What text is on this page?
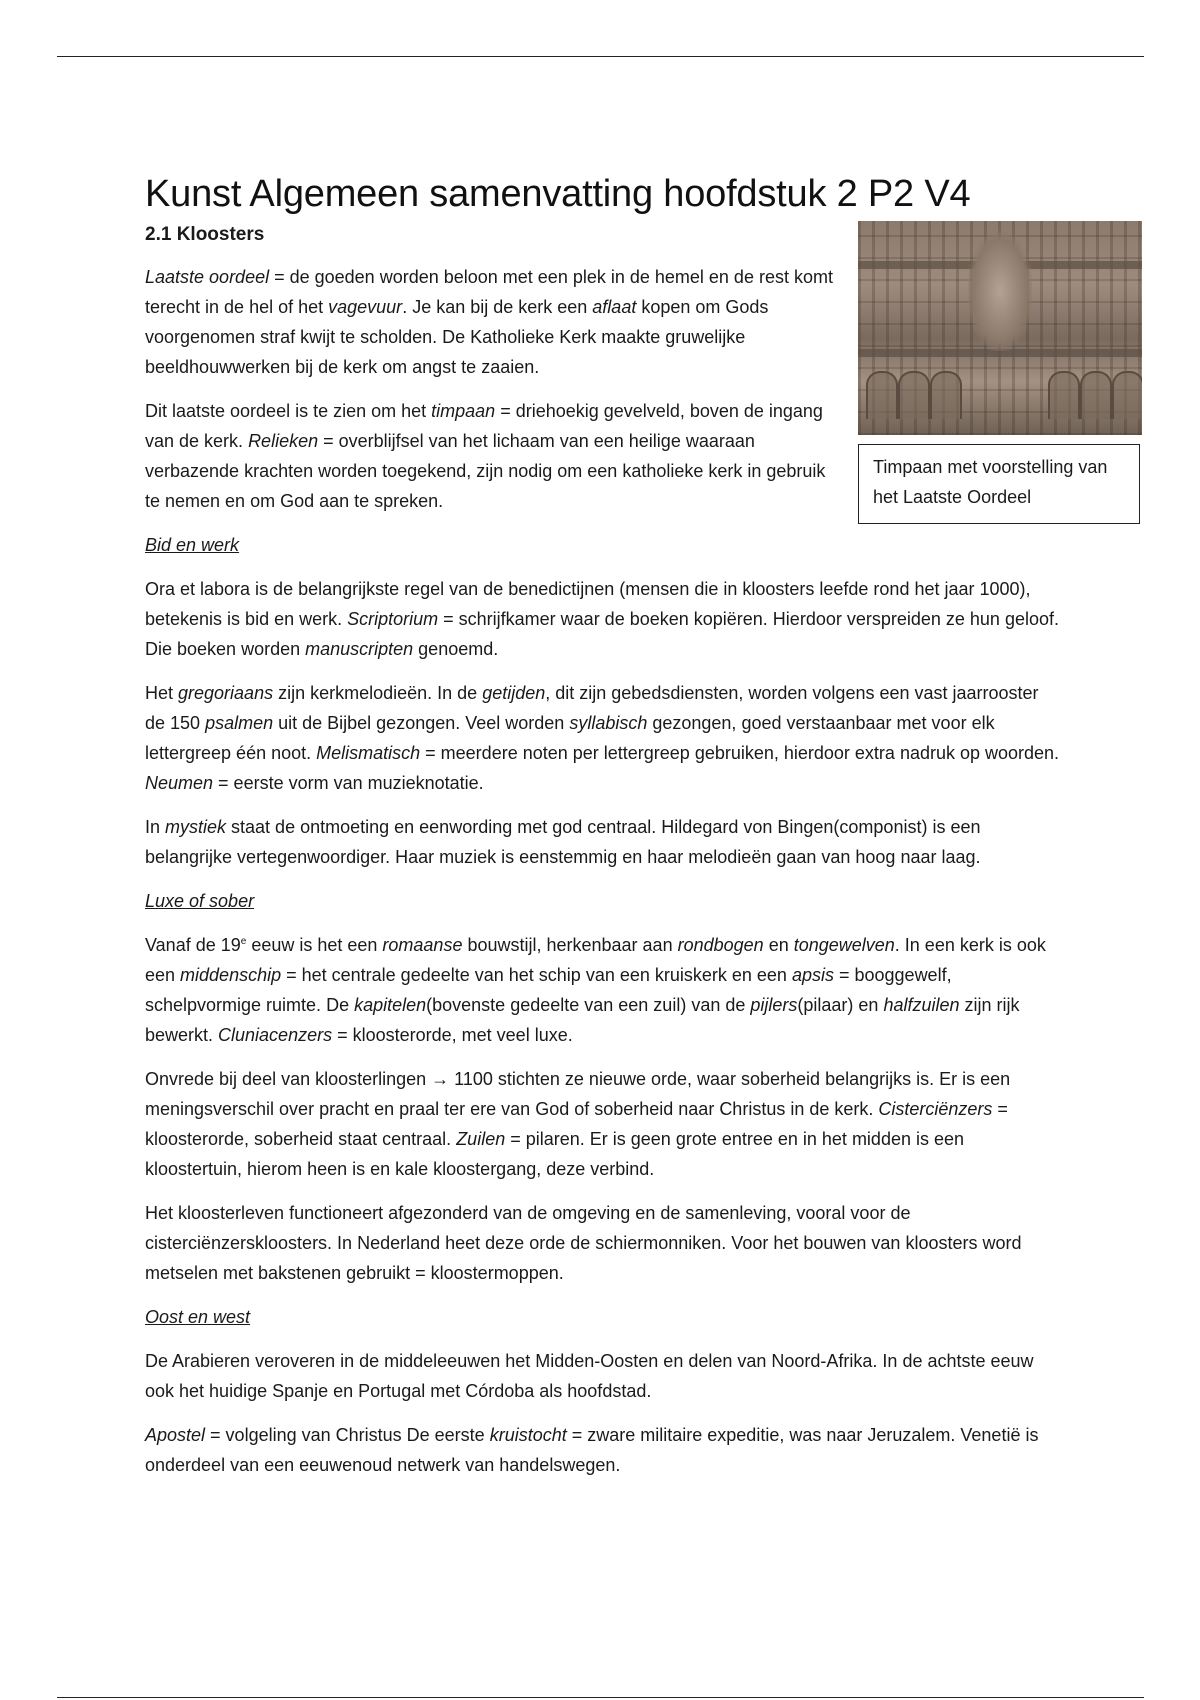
Kunst Algemeen samenvatting hoofdstuk 2 P2 V4
Timpaan met voorstelling van het Laatste Oordeel
2.1 Kloosters

Laatste oordeel = de goeden worden beloon met een plek in de hemel en de rest komt terecht in de hel of het vagevuur. Je kan bij de kerk een aflaat kopen om Gods voorgenomen straf kwijt te scholden. De Katholieke Kerk maakte gruwelijke beeldhouwwerken bij de kerk om angst te zaaien.

Dit laatste oordeel is te zien om het timpaan = driehoekig gevelveld, boven de ingang van de kerk. Relieken = overblijfsel van het lichaam van een heilige waaraan verbazende krachten worden toegekend, zijn nodig om een katholieke kerk in gebruik te nemen en om God aan te spreken.

Bid en werk

Ora et labora is de belangrijkste regel van de benedictijnen (mensen die in kloosters leefde rond het jaar 1000), betekenis is bid en werk. Scriptorium = schrijfkamer waar de boeken kopiëren. Hierdoor verspreiden ze hun geloof. Die boeken worden manuscripten genoemd.

Het gregoriaans zijn kerkmelodieën. In de getijden, dit zijn gebedsdiensten, worden volgens een vast jaarrooster de 150 psalmen uit de Bijbel gezongen. Veel worden syllabisch gezongen, goed verstaanbaar met voor elk lettergreep één noot. Melismatisch = meerdere noten per lettergreep gebruiken, hierdoor extra nadruk op woorden. Neumen = eerste vorm van muzieknotatie.

In mystiek staat de ontmoeting en eenwording met god centraal. Hildegard von Bingen(componist) is een belangrijke vertegenwoordiger. Haar muziek is eenstemmig en haar melodieën gaan van hoog naar laag.

Luxe of sober

Vanaf de 19e eeuw is het een romaanse bouwstijl, herkenbaar aan rondbogen en tongewelven. In een kerk is ook een middenschip = het centrale gedeelte van het schip van een kruiskerk en een apsis = booggewelf, schelpvormige ruimte. De kapitelen(bovenste gedeelte van een zuil) van de pijlers(pilaar) en halfzuilen zijn rijk bewerkt. Cluniacenzers = kloosterorde, met veel luxe.

Onvrede bij deel van kloosterlingen → 1100 stichten ze nieuwe orde, waar soberheid belangrijks is. Er is een meningsverschil over pracht en praal ter ere van God of soberheid naar Christus in de kerk. Cisterciënzers = kloosterorde, soberheid staat centraal. Zuilen = pilaren. Er is geen grote entree en in het midden is een kloostertuin, hierom heen is en kale kloostergang, deze verbind.

Het kloosterleven functioneert afgezonderd van de omgeving en de samenleving, vooral voor de cisterciënzerskloosters. In Nederland heet deze orde de schiermonniken. Voor het bouwen van kloosters word metselen met bakstenen gebruikt = kloostermoppen.

Oost en west

De Arabieren veroveren in de middeleeuwen het Midden-Oosten en delen van Noord-Afrika. In de achtste eeuw ook het huidige Spanje en Portugal met Córdoba als hoofdstad.

Apostel = volgeling van Christus De eerste kruistocht = zware militaire expeditie, was naar Jeruzalem. Venetië is onderdeel van een eeuwenoud netwerk van handelswegen.
